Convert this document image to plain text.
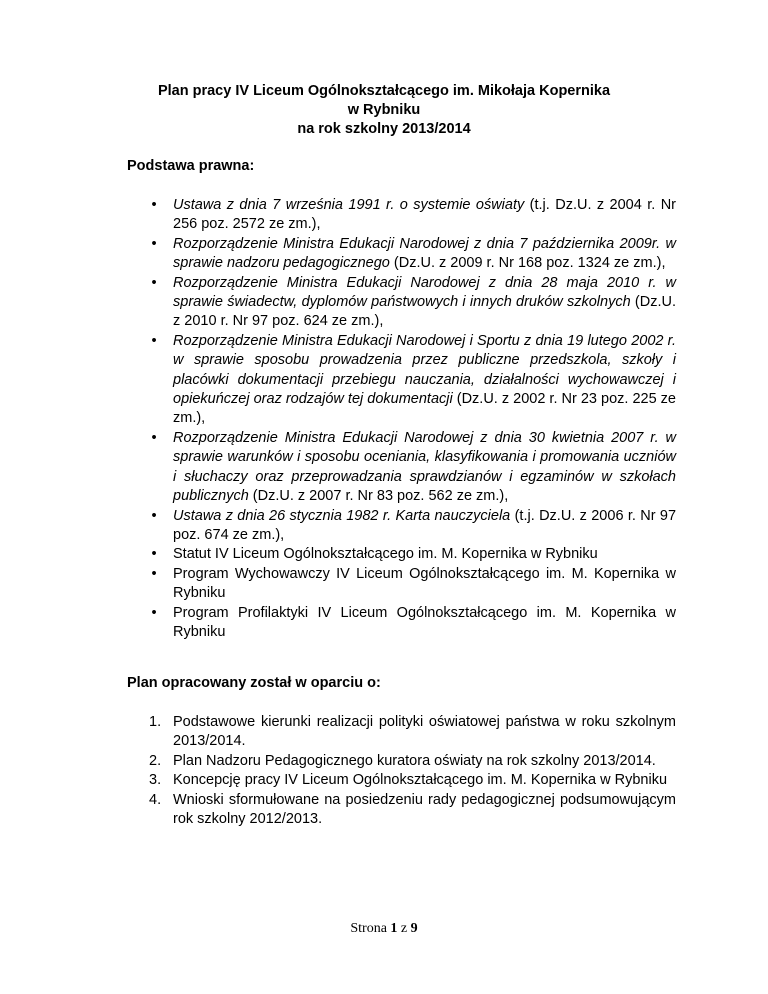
Plan pracy IV Liceum Ogólnokształcącego im. Mikołaja Kopernika
w Rybniku
na rok szkolny 2013/2014
Podstawa prawna:
• Ustawa z dnia 7 września 1991 r. o systemie oświaty (t.j. Dz.U. z 2004 r. Nr 256 poz. 2572 ze zm.),
• Rozporządzenie Ministra Edukacji Narodowej z dnia 7 października 2009r. w sprawie nadzoru pedagogicznego (Dz.U. z 2009 r. Nr 168 poz. 1324 ze zm.),
• Rozporządzenie Ministra Edukacji Narodowej z dnia 28 maja 2010 r. w sprawie świadectw, dyplomów państwowych i innych druków szkolnych (Dz.U. z 2010 r. Nr 97 poz. 624 ze zm.),
• Rozporządzenie Ministra Edukacji Narodowej i Sportu z dnia 19 lutego 2002 r. w sprawie sposobu prowadzenia przez publiczne przedszkola, szkoły i placówki dokumentacji przebiegu nauczania, działalności wychowawczej i opiekuńczej oraz rodzajów tej dokumentacji (Dz.U. z 2002 r. Nr 23 poz. 225 ze zm.),
• Rozporządzenie Ministra Edukacji Narodowej z dnia 30 kwietnia 2007 r. w sprawie warunków i sposobu oceniania, klasyfikowania i promowania uczniów i słuchaczy oraz przeprowadzania sprawdzianów i egzaminów w szkołach publicznych (Dz.U. z 2007 r. Nr 83 poz. 562 ze zm.),
• Ustawa z dnia 26 stycznia 1982 r. Karta nauczyciela (t.j. Dz.U. z 2006 r. Nr 97 poz. 674 ze zm.),
• Statut IV Liceum Ogólnokształcącego im. M. Kopernika w Rybniku
• Program Wychowawczy IV Liceum Ogólnokształcącego im. M. Kopernika w Rybniku
• Program Profilaktyki IV Liceum Ogólnokształcącego im. M. Kopernika w Rybniku
Plan opracowany został w oparciu o:
1. Podstawowe kierunki realizacji polityki oświatowej państwa w roku szkolnym 2013/2014.
2. Plan Nadzoru Pedagogicznego kuratora oświaty na rok szkolny 2013/2014.
3. Koncepcję pracy IV Liceum Ogólnokształcącego im. M. Kopernika w Rybniku
4. Wnioski sformułowane na posiedzeniu rady pedagogicznej podsumowującym rok szkolny 2012/2013.
Strona 1 z 9
